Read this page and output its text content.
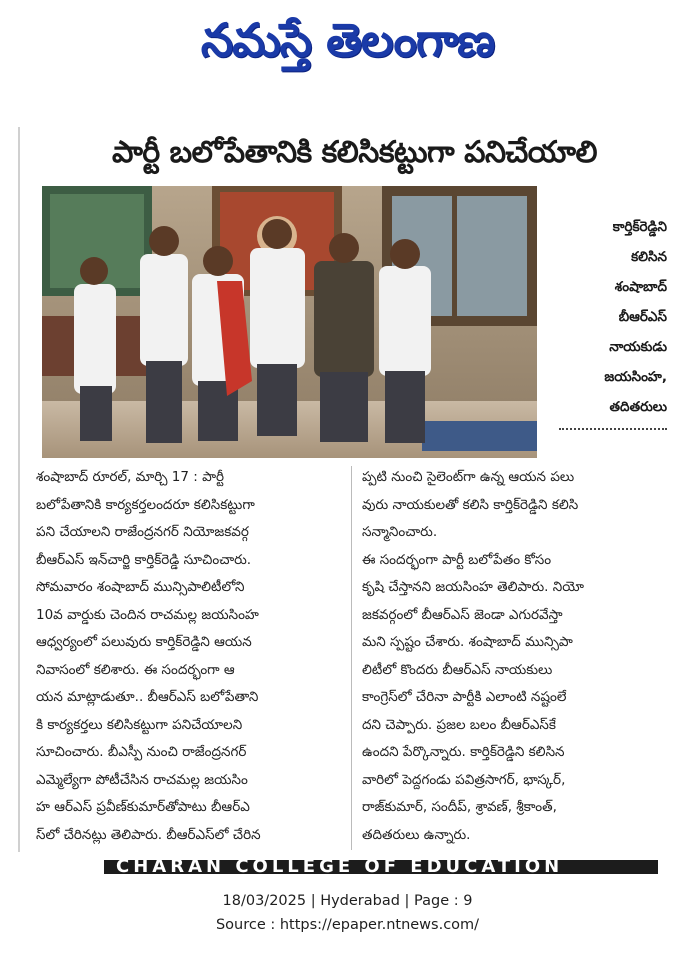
నమస్తే తెలంగాణ
పార్టీ బలోపేతానికి కలిసికట్టుగా పనిచేయాలి
కార్తిక్‌రెడ్డిని
కలిసిన
శంషాబాద్
బీఆర్‌ఎస్
నాయకుడు
జయసింహ,
తదితరులు

శంషాబాద్ రూరల్, మార్చి 17 : పార్టీ

బలోపేతానికి కార్యకర్తలందరూ కలిసికట్టుగా

పని చేయాలని రాజేంద్రనగర్ నియోజకవర్గ

బీఆర్‌ఎస్ ఇన్‌చార్జి కార్తిక్‌రెడ్డి సూచించారు.

సోమవారం శంషాబాద్ మున్సిపాలిటీలోని

10వ వార్డుకు చెందిన రాచమల్ల జయసింహ

ఆధ్వర్యంలో పలువురు కార్తిక్‌రెడ్డిని ఆయన

నివాసంలో కలిశారు. ఈ సందర్భంగా ఆ

యన మాట్లాడుతూ.. బీఆర్‌ఎస్ బలోపేతాని

కి కార్యకర్తలు కలిసికట్టుగా పనిచేయాలని

సూచించారు. బీఎస్పీ నుంచి రాజేంద్రనగర్

ఎమ్మెల్యేగా పోటీచేసిన రాచమల్ల జయసిం

హ ఆర్‌ఎస్ ప్రవీణ్‌కుమార్‌తోపాటు బీఆర్‌ఎ

స్‌లో చేరినట్లు తెలిపారు. బీఆర్‌ఎస్‌లో చేరిన

ప్పటి నుంచి సైలెంట్‌గా ఉన్న ఆయన పలు

వురు నాయకులతో కలిసి కార్తిక్‌రెడ్డిని కలిసి

సన్మానించారు.

ఈ సందర్భంగా పార్టీ బలోపేతం కోసం

కృషి చేస్తానని జయసింహ తెలిపారు. నియో

జకవర్గంలో బీఆర్‌ఎస్ జెండా ఎగురవేస్తా

మని స్పష్టం చేశారు. శంషాబాద్ మున్సిపా

లిటీలో కొందరు బీఆర్‌ఎస్ నాయకులు

కాంగ్రెస్‌లో చేరినా పార్టీకి ఎలాంటి నష్టంలే

దని చెప్పారు. ప్రజల బలం బీఆర్‌ఎస్‌కే

ఉందని పేర్కొన్నారు. కార్తిక్‌రెడ్డిని కలిసిన

వారిలో పెద్దగండు పవిత్రసాగర్, భాస్కర్,

రాజ్‌కుమార్, సందీప్, శ్రావణ్, శ్రీకాంత్,

తదితరులు ఉన్నారు.

CHARAN COLLEGE OF EDUCATION
18/03/2025 | Hyderabad | Page : 9
Source : https://epaper.ntnews.com/
